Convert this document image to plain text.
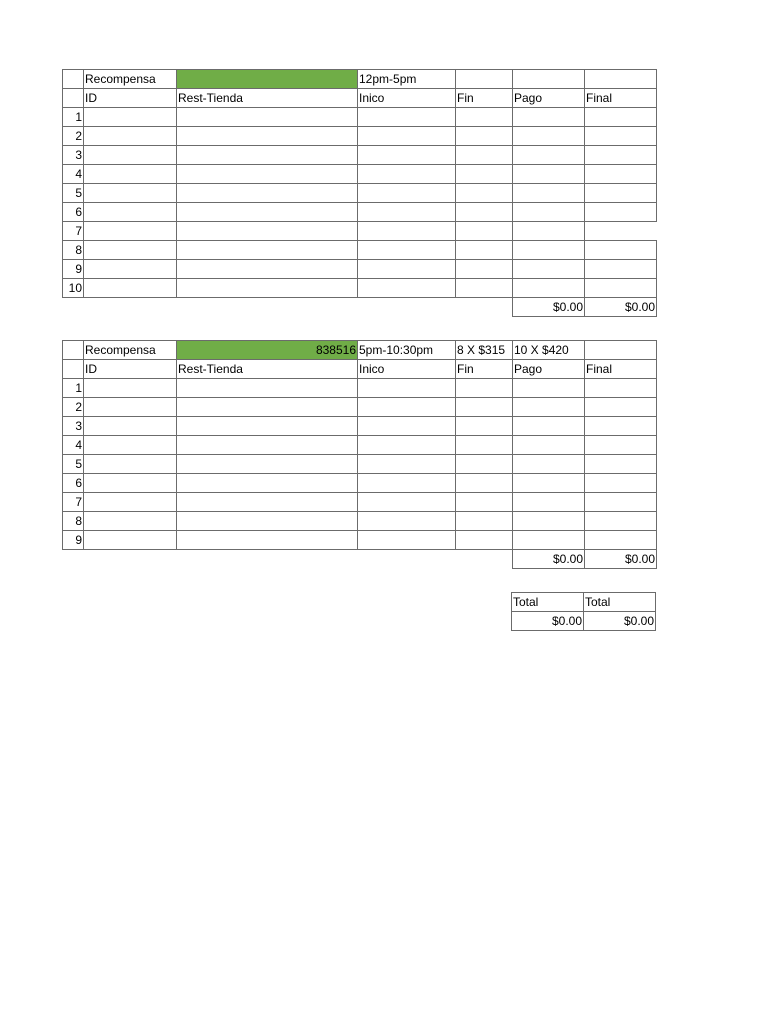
	Recompensa		12pm-5pm			
	ID	Rest-Tienda	Inico	Fin	Pago	Final
1						
2						
3						
4						
5						
6						
7						
8						
9						
10						
					$0.00	$0.00
	Recompensa	838516	5pm-10:30pm	8 X $315	10 X $420	
	ID	Rest-Tienda	Inico	Fin	Pago	Final
1						
2						
3						
4						
5						
6						
7						
8						
9						
					$0.00	$0.00
Total	Total
$0.00	$0.00
